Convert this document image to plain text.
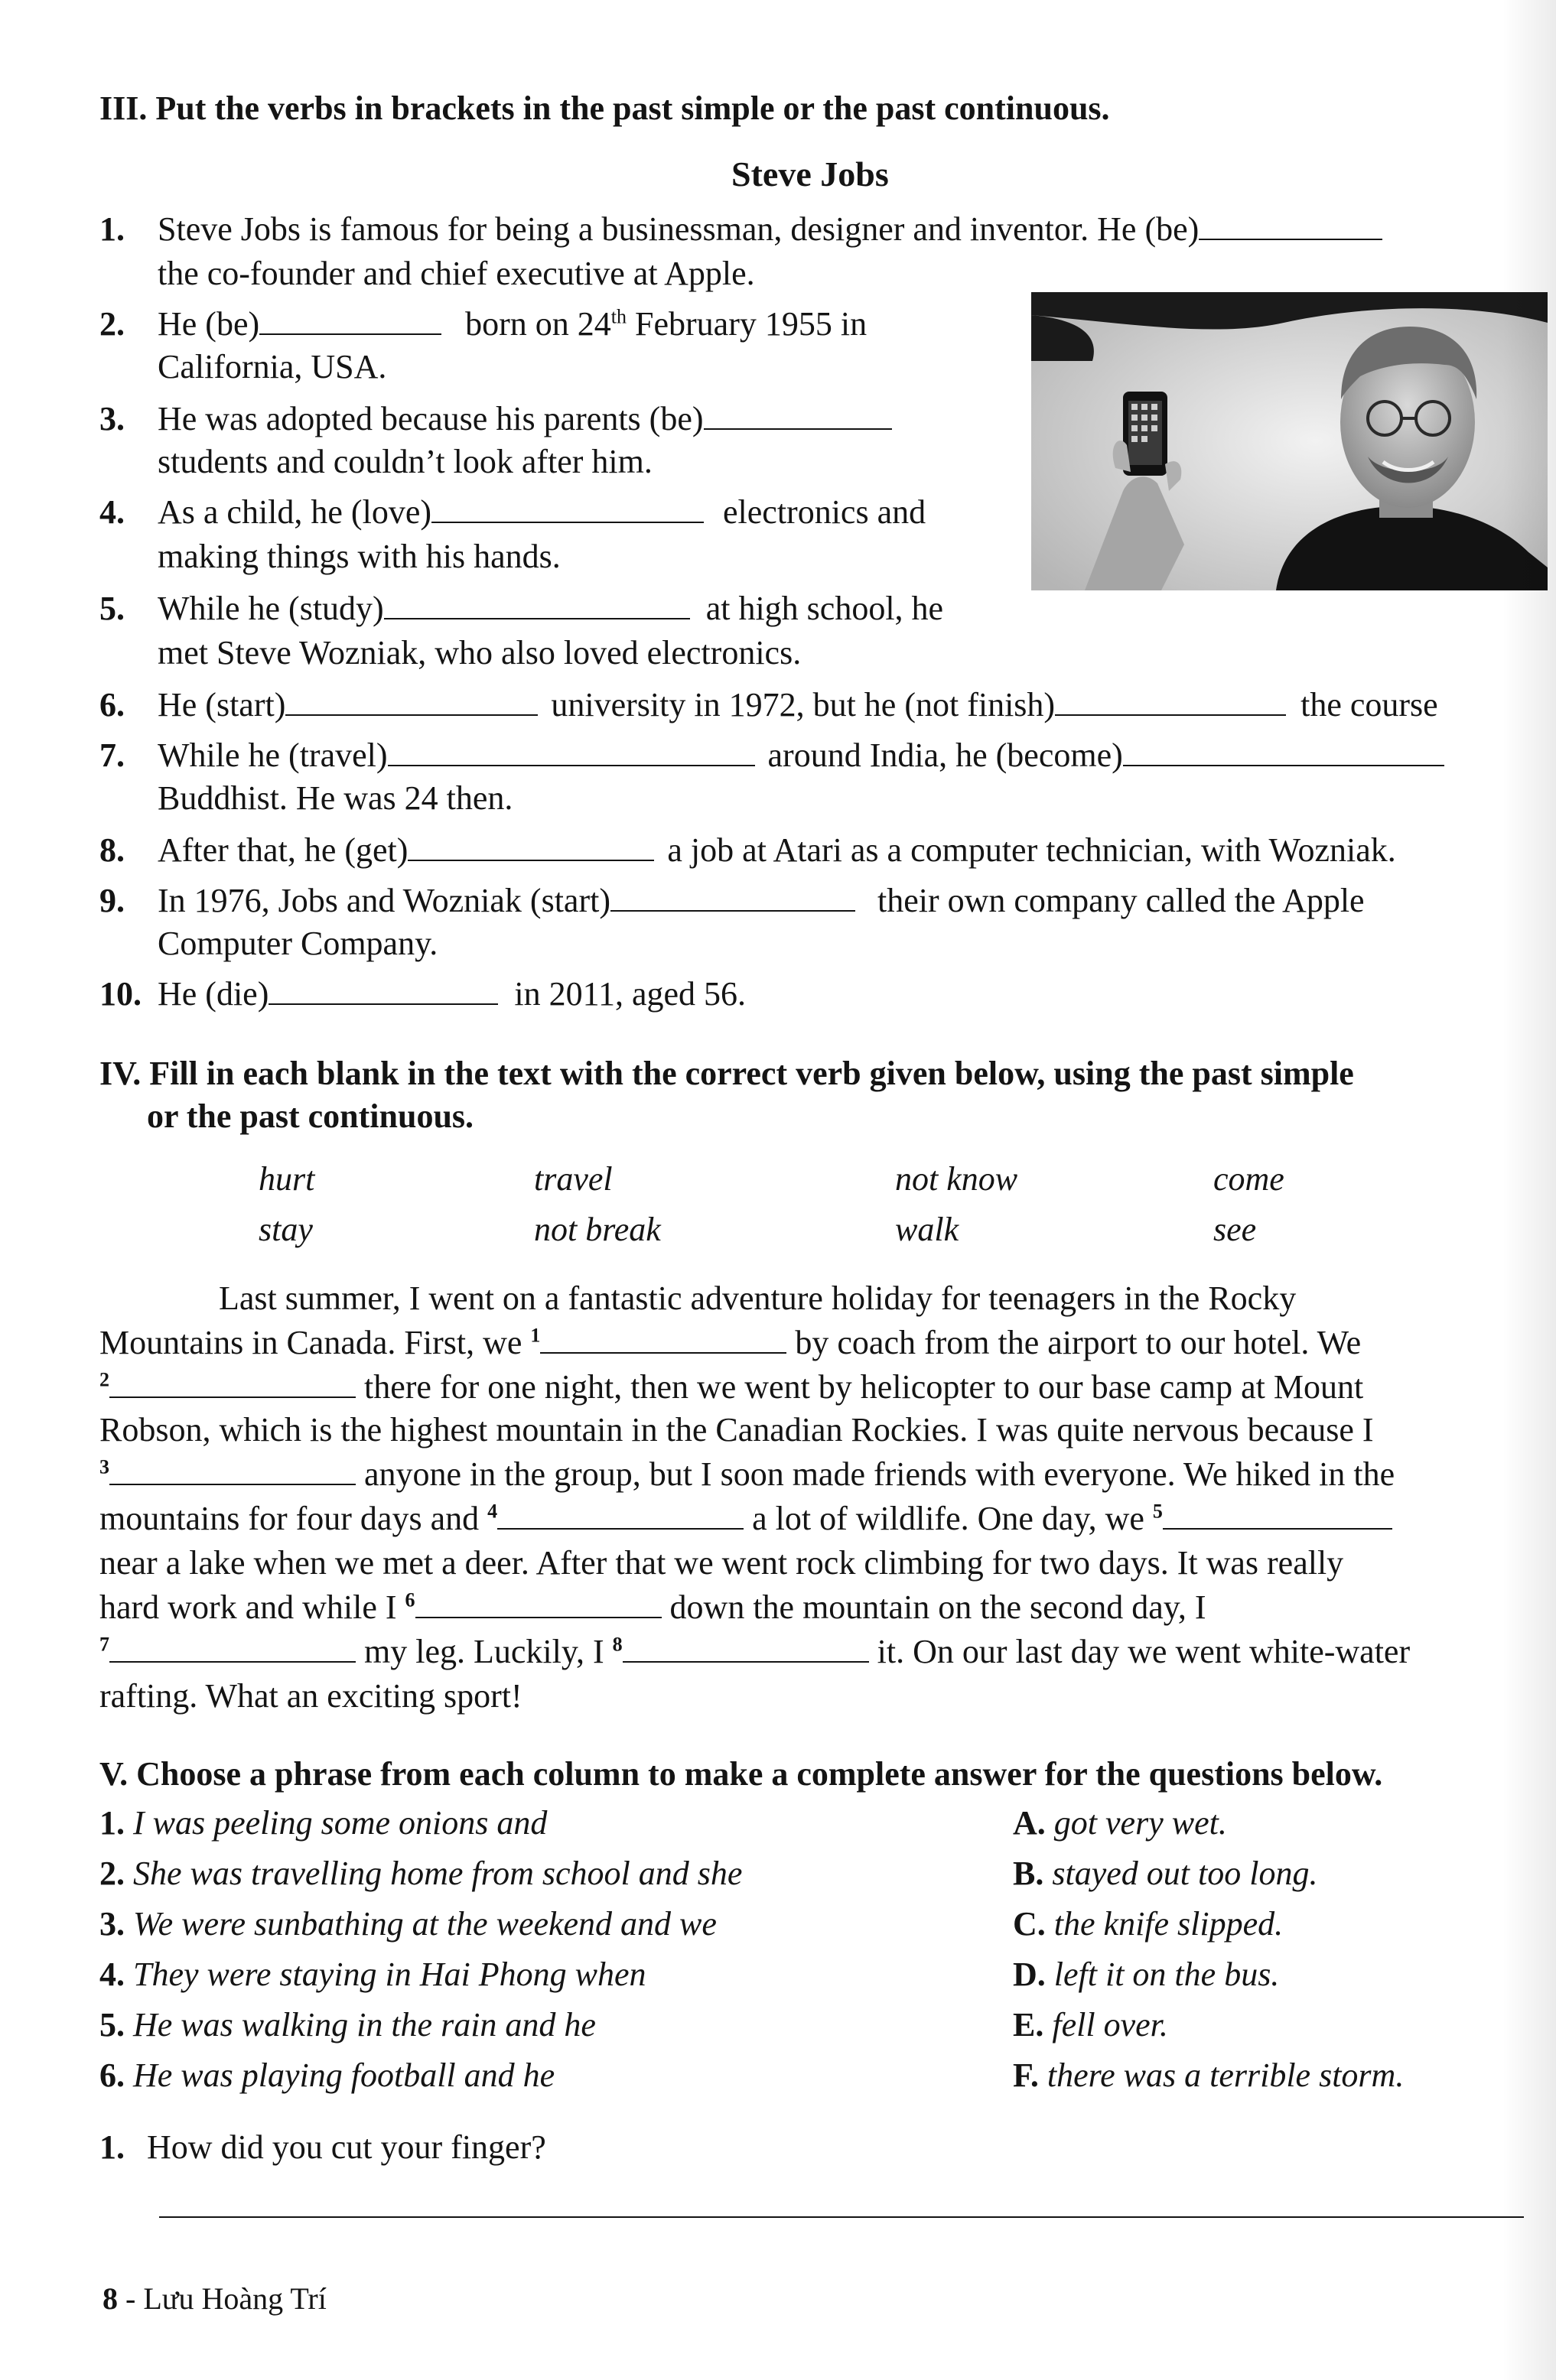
III. Put the verbs in brackets in the past simple or the past continuous.
Steve Jobs
1. Steve Jobs is famous for being a businessman, designer and inventor. He (be)
the co-founder and chief executive at Apple.
2. He (be)	born on 24th February 1955 in
California, USA.
3. He was adopted because his parents (be)
students and couldn’t look after him.
4. As a child, he (love)	electronics and
making things with his hands.
5. While he (study)	at high school, he
met Steve Wozniak, who also loved electronics.
6. He (start)	university in 1972, but he (not finish)	the course
7. While he (travel)	around India, he (become)
Buddhist. He was 24 then.
8. After that, he (get)	a job at Atari as a computer technician, with Wozniak.
9. In 1976, Jobs and Wozniak (start)	their own company called the Apple
Computer Company.
10. He (die)	in 2011, aged 56.
IV. Fill in each blank in the text with the correct verb given below, using the past simple
or the past continuous.
hurt	travel	not know	come
stay	not break	walk	see
Last summer, I went on a fantastic adventure holiday for teenagers in the Rocky
Mountains in Canada. First, we $^1$	by coach from the airport to our hotel. We
$^2$	there for one night, then we went by helicopter to our base camp at Mount
Robson, which is the highest mountain in the Canadian Rockies. I was quite nervous because I
$^3$	anyone in the group, but I soon made friends with everyone. We hiked in the
mountains for four days and $^4$	a lot of wildlife. One day, we $^5$
near a lake when we met a deer. After that we went rock climbing for two days. It was really
hard work and while I $^6$	down the mountain on the second day, I
$^7$	my leg. Luckily, I $^8$	it. On our last day we went white-water
rafting. What an exciting sport!
V. Choose a phrase from each column to make a complete answer for the questions below.
1. I was peeling some onions and
2. She was travelling home from school and she
3. We were sunbathing at the weekend and we
4. They were staying in Hai Phong when
5. He was walking in the rain and he
6. He was playing football and he
A. got very wet.
B. stayed out too long.
C. the knife slipped.
D. left it on the bus.
E. fell over.
F. there was a terrible storm.
1. How did you cut your finger?
8 - Lưu Hoàng Trí
